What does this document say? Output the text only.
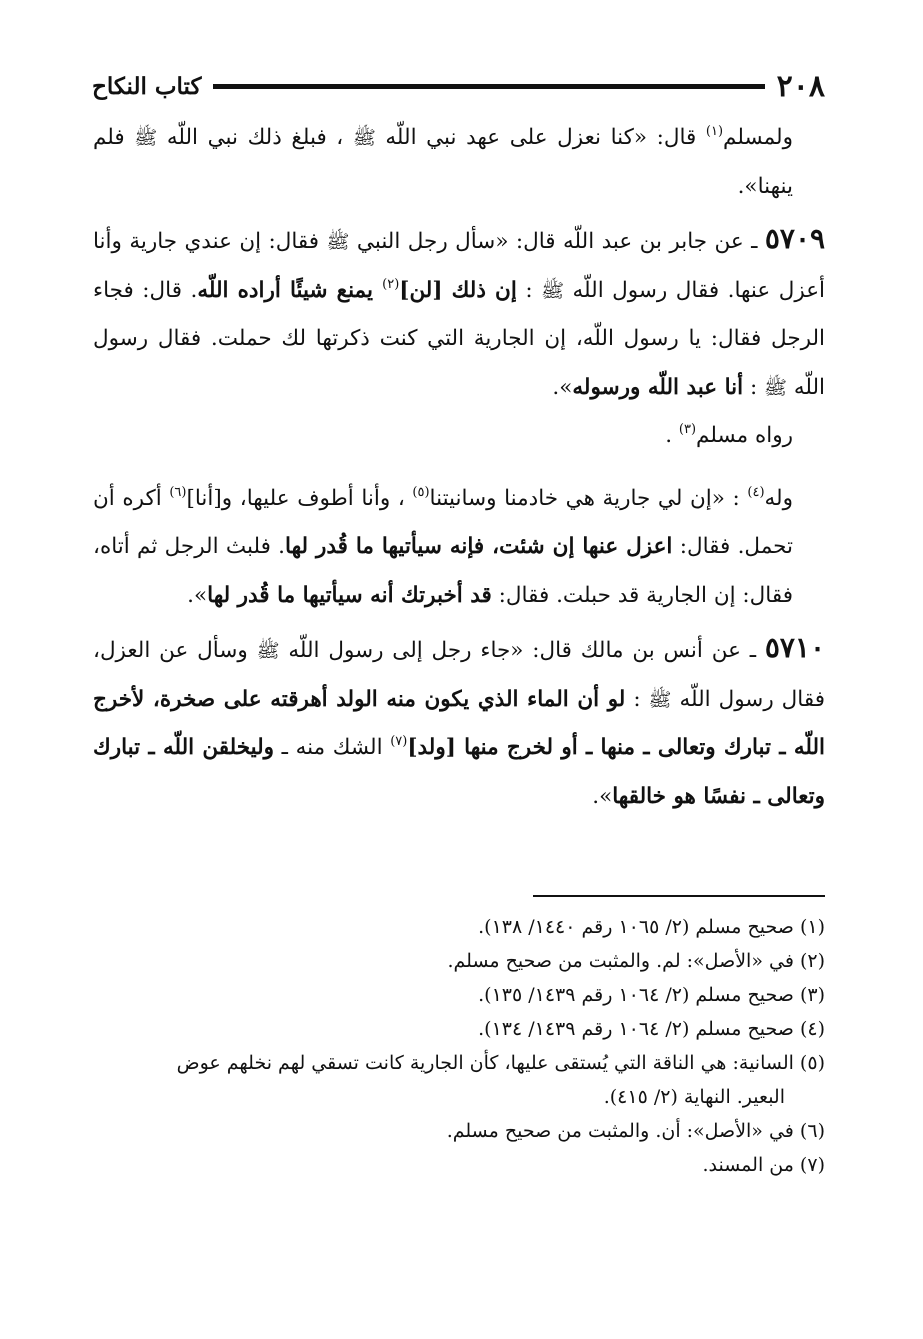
٢٠٨
كتاب النكاح

ولمسلم$^{(١)}$ قال: «كنا نعزل على عهد نبي اللّه ﷺ ، فبلغ ذلك نبي اللّه ﷺ فلم ينهنا».

٥٧٠٩ ـ عن جابر بن عبد اللّه قال: «سأل رجل النبي ﷺ فقال: إن عندي جارية وأنا أعزل عنها. فقال رسول اللّه ﷺ : إن ذلك [لن]$^{(٢)}$ يمنع شيئًا أراده اللّه. قال: فجاء الرجل فقال: يا رسول اللّه، إن الجارية التي كنت ذكرتها لك حملت. فقال رسول اللّه ﷺ : أنا عبد اللّه ورسوله».

رواه مسلم$^{(٣)}$ .

وله$^{(٤)}$ : «إن لي جارية هي خادمنا وسانيتنا$^{(٥)}$ ، وأنا أطوف عليها، و[أنا]$^{(٦)}$ أكره أن تحمل. فقال: اعزل عنها إن شئت، فإنه سيأتيها ما قُدر لها. فلبث الرجل ثم أتاه، فقال: إن الجارية قد حبلت. فقال: قد أخبرتك أنه سيأتيها ما قُدر لها».

٥٧١٠ ـ عن أنس بن مالك قال: «جاء رجل إلى رسول اللّه ﷺ وسأل عن العزل، فقال رسول اللّه ﷺ : لو أن الماء الذي يكون منه الولد أهرقته على صخرة، لأخرج اللّه ـ تبارك وتعالى ـ منها ـ أو لخرج منها [ولد]$^{(٧)}$ الشك منه ـ وليخلقن اللّه ـ تبارك وتعالى ـ نفسًا هو خالقها».

(١) صحيح مسلم (٢/ ١٠٦٥ رقم ١٤٤٠/ ١٣٨).

(٢) في «الأصل»: لم. والمثبت من صحيح مسلم.

(٣) صحيح مسلم (٢/ ١٠٦٤ رقم ١٤٣٩/ ١٣٥).

(٤) صحيح مسلم (٢/ ١٠٦٤ رقم ١٤٣٩/ ١٣٤).

(٥) السانية: هي الناقة التي يُستقى عليها، كأن الجارية كانت تسقي لهم نخلهم عوض

البعير. النهاية (٢/ ٤١٥).

(٦) في «الأصل»: أن. والمثبت من صحيح مسلم.

(٧) من المسند.
